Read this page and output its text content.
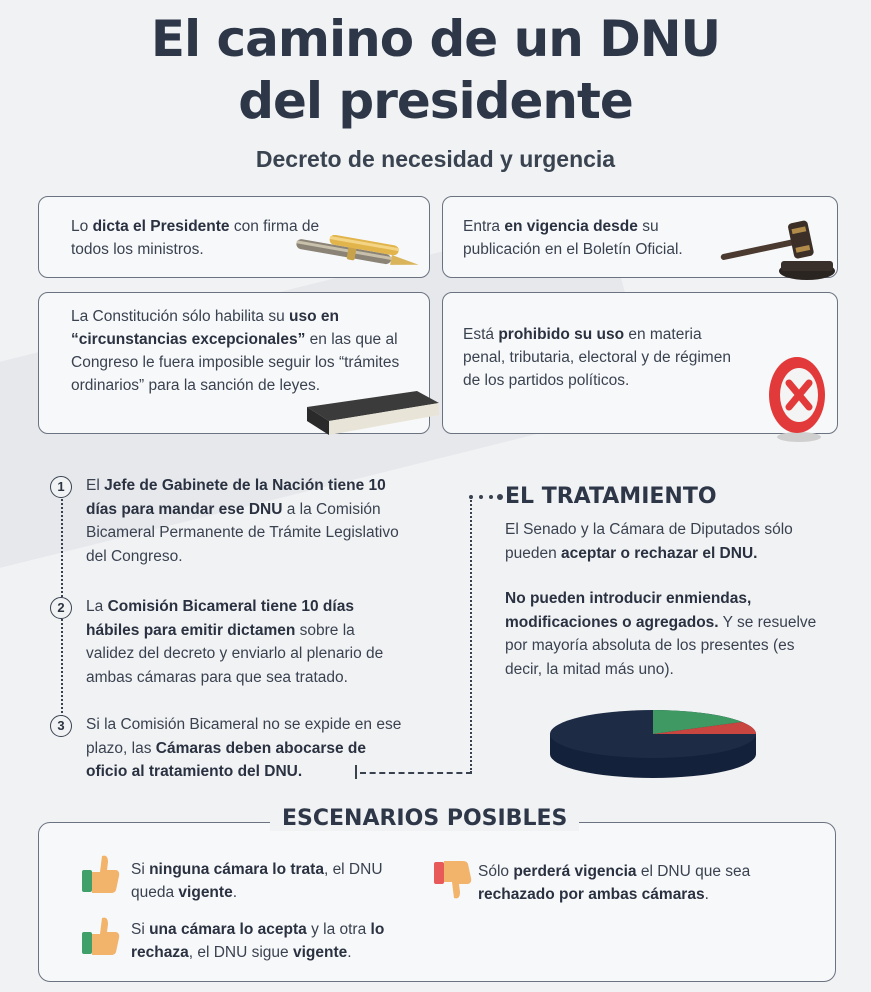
El camino de un DNU
del presidente
Decreto de necesidad y urgencia

Lo dicta el Presidente con firma de todos los ministros.

Entra en vigencia desde su publicación en el Boletín Oficial.

La Constitución sólo habilita su uso en “circunstancias excepcionales” en las que al Congreso le fuera imposible seguir los “trámites ordinarios” para la sanción de leyes.

Está prohibido su uso en materia penal, tributaria, electoral y de régimen de los partidos políticos.

1	El Jefe de Gabinete de la Nación tiene 10 días para mandar ese DNU a la Comisión Bicameral Permanente de Trámite Legislativo del Congreso.

2	La Comisión Bicameral tiene 10 días hábiles para emitir dictamen sobre la validez del decreto y enviarlo al plenario de ambas cámaras para que sea tratado.

3	Si la Comisión Bicameral no se expide en ese plazo, las Cámaras deben abocarse de oficio al tratamiento del DNU.

EL TRATAMIENTO

El Senado y la Cámara de Diputados sólo pueden aceptar o rechazar el DNU.

No pueden introducir enmiendas, modificaciones o agregados. Y se resuelve por mayoría absoluta de los presentes (es decir, la mitad más uno).

ESCENARIOS POSIBLES

Si ninguna cámara lo trata, el DNU queda vigente.

Si una cámara lo acepta y la otra lo rechaza, el DNU sigue vigente.

Sólo perderá vigencia el DNU que sea rechazado por ambas cámaras.
